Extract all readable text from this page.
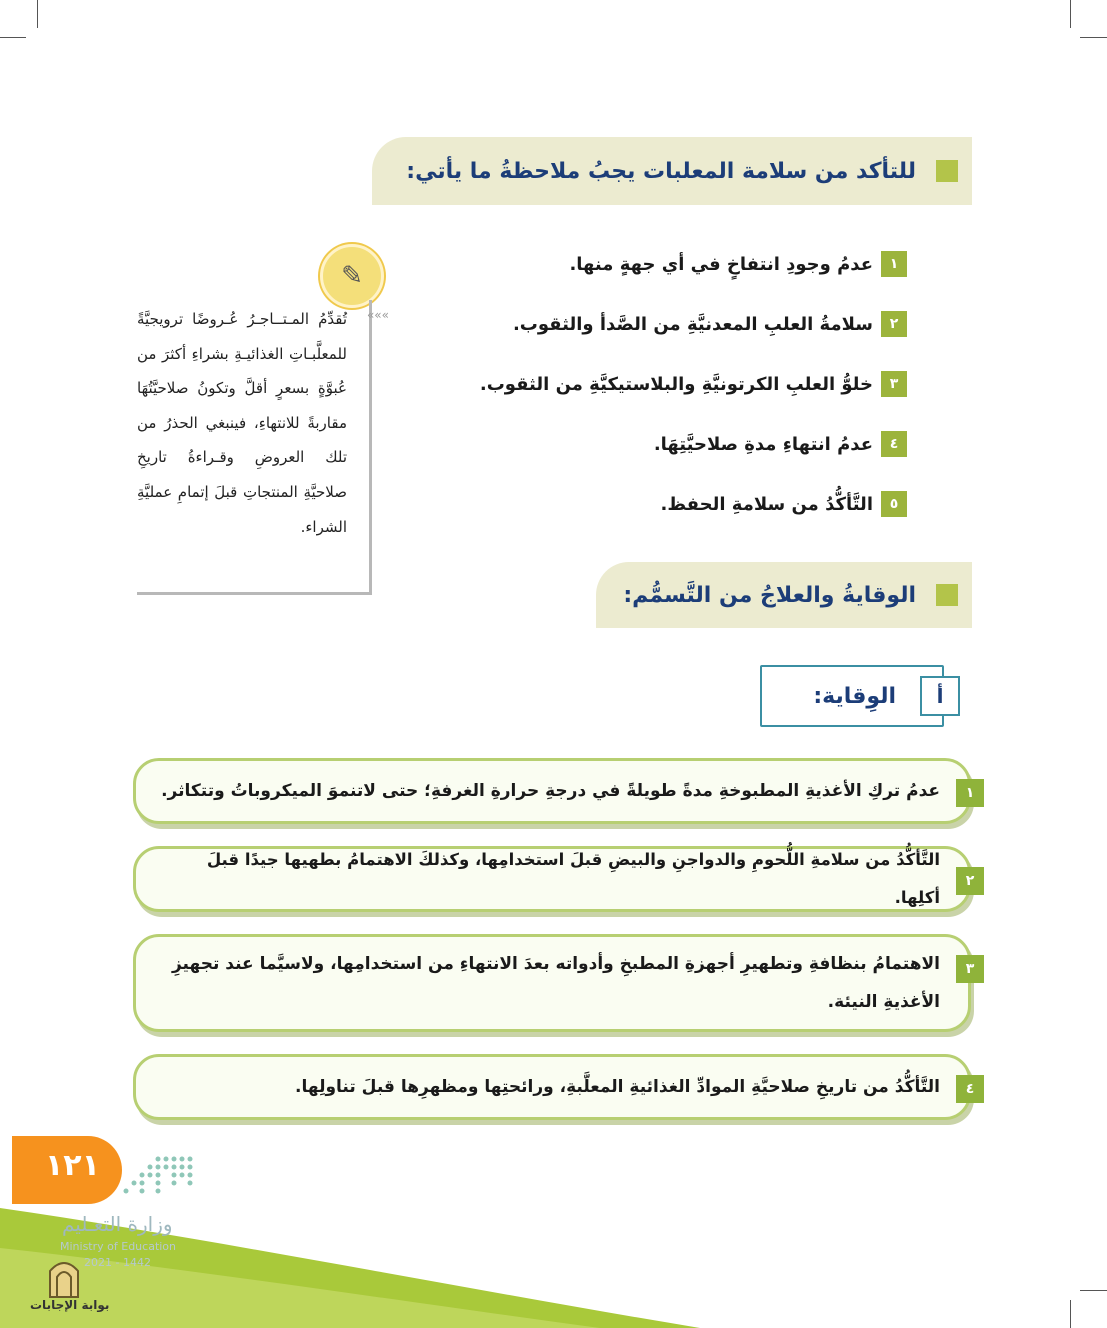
للتأكد من سلامة المعلبات يجبُ ملاحظةُ ما يأتي:
١
عدمُ وجودِ انتفاخٍ في أي جهةٍ منها.
٢
سلامةُ العلبِ المعدنيَّةِ من الصَّدأ والثقوب.
٣
خلوُّ العلبِ الكرتونيَّةِ والبلاستيكيَّةِ من الثقوب.
٤
عدمُ انتهاءِ مدةِ صلاحيَّتِهَا.
٥
التَّأكُّدُ من سلامةِ الحفظ.
✎
«««
تُقدِّمُ المـتــاجـرُ عُـروضًا ترويجيَّةً للمعلَّبـاتِ الغذائيـةِ بشراءِ أكثرَ من عُبوَّةٍ بسعرٍ أقلَّ وتكونُ صلاحيَّتُهَا مقاربةً للانتهاءِ، فينبغي الحذرُ من تلك العروضِ وقـراءةُ تاريخِ صلاحيَّةِ المنتجاتِ قبلَ إتمامِ عمليَّةِ الشراء.
الوقايةُ والعلاجُ من التَّسمُّم:
أ
الوِقاية:
١
عدمُ تركِ الأغذيةِ المطبوخةِ مدةً طويلةً في درجةِ حرارةِ الغرفةِ؛ حتى لاتنموَ الميكروباتُ وتتكاثر.
٢
التَّأكُّدُ من سلامةِ اللُّحومِ والدواجنِ والبيضِ قبلَ استخدامِها، وكذلكَ الاهتمامُ بطهيها جيدًا قبلَ أكلِها.
٣
الاهتمامُ بنظافةِ وتطهيرِ أجهزةِ المطبخِ وأدواته بعدَ الانتهاءِ من استخدامِها، ولاسيَّما عند تجهيزِ الأغذيةِ النيئة.
٤
التَّأكُّدُ من تاريخِ صلاحيَّةِ الموادِّ الغذائيةِ المعلَّبةِ، ورائحتِها ومظهرِها قبلَ تناولِها.
١٢١
وزارة التعـليم
Ministry of Education
2021 - 1442
بوابة الإجابات
